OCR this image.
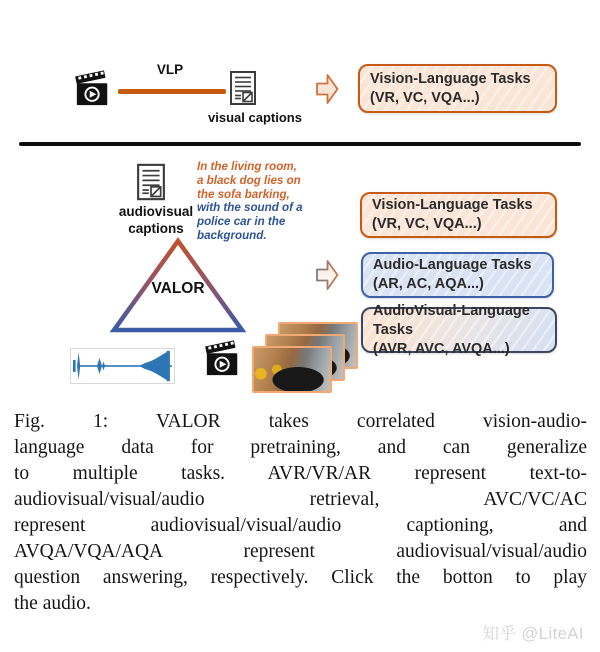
VLP
visual captions
Vision-Language Tasks
(VR, VC, VQA...)
audiovisual
captions
In the living room,
a black dog lies on
the sofa barking,
with the sound of a
police car in the
background.
VALOR
Vision-Language Tasks
(VR, VC, VQA...)
Audio-Language Tasks
(AR, AC, AQA...)
AudioVisual-Language Tasks
(AVR, AVC, AVQA...)
Fig. 1: VALOR takes correlated vision-audio-
language data for pretraining, and can generalize
to multiple tasks. AVR/VR/AR represent text-to-
audiovisual/visual/audio retrieval, AVC/VC/AC
represent audiovisual/visual/audio captioning, and
AVQA/VQA/AQA represent audiovisual/visual/audio
question answering, respectively. Click the botton to play
the audio.
知乎 @LiteAI
